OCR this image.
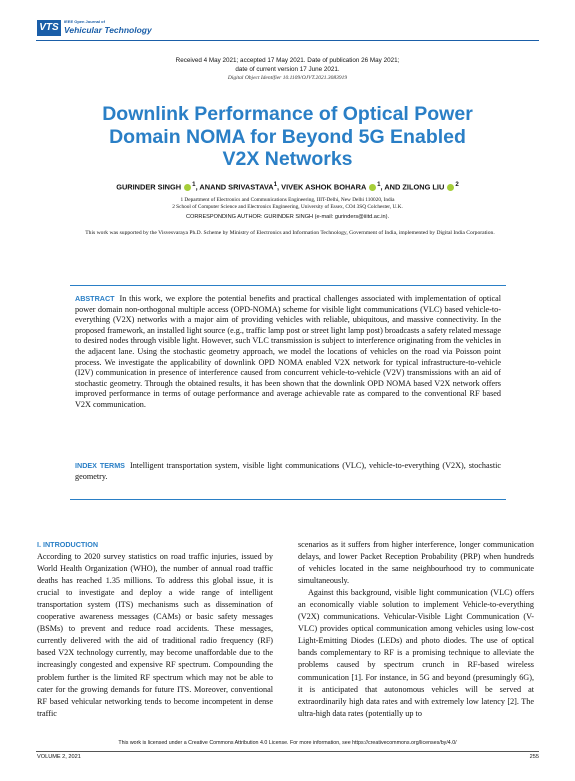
VTS
IEEE Open Journal of
Vehicular Technology
Received 4 May 2021; accepted 17 May 2021. Date of publication 26 May 2021;
date of current version 17 June 2021.
Digital Object Identifier 10.1109/OJVT.2021.3083919
Downlink Performance of Optical Power
Domain NOMA for Beyond 5G Enabled
V2X Networks
GURINDER SINGH $^1$, ANAND SRIVASTAVA$^1$, VIVEK ASHOK BOHARA $^1$, AND ZILONG LIU $^2$
1 Department of Electronics and Communications Engineering, IIIT-Delhi, New Delhi 110020, India
2 School of Computer Science and Electronics Engineering, University of Essex, CO4 3SQ Colchester, U.K.
CORRESPONDING AUTHOR: GURINDER SINGH (e-mail: gurinders@iiitd.ac.in).
This work was supported by the Visvesvaraya Ph.D. Scheme by Ministry of Electronics and Information Technology, Government of India, implemented by Digital India Corporation.
ABSTRACT In this work, we explore the potential benefits and practical challenges associated with implementation of optical power domain non-orthogonal multiple access (OPD-NOMA) scheme for visible light communications (VLC) based vehicle-to-everything (V2X) networks with a major aim of providing vehicles with reliable, ubiquitous, and massive connectivity. In the proposed framework, an installed light source (e.g., traffic lamp post or street light lamp post) broadcasts a safety related message to desired nodes through visible light. However, such VLC transmission is subject to interference originating from the vehicles in the adjacent lane. Using the stochastic geometry approach, we model the locations of vehicles on the road via Poisson point process. We investigate the applicability of downlink OPD NOMA enabled V2X network for typical infrastructure-to-vehicle (I2V) communication in presence of interference caused from concurrent vehicle-to-vehicle (V2V) transmissions with an aid of stochastic geometry. Through the obtained results, it has been shown that the downlink OPD NOMA based V2X network offers improved performance in terms of outage performance and average achievable rate as compared to the conventional RF based V2X communication.
INDEX TERMS Intelligent transportation system, visible light communications (VLC), vehicle-to-everything (V2X), stochastic geometry.
I. INTRODUCTION

According to 2020 survey statistics on road traffic injuries, issued by World Health Organization (WHO), the number of annual road traffic deaths has reached 1.35 millions. To address this global issue, it is crucial to investigate and deploy a wide range of intelligent transportation system (ITS) mechanisms such as dissemination of cooperative awareness messages (CAMs) or basic safety messages (BSMs) to prevent and reduce road accidents. These messages, currently delivered with the aid of traditional radio frequency (RF) based V2X technology currently, may become unaffordable due to the increasingly congested and expensive RF spectrum. Compounding the problem further is the limited RF spectrum which may not be able to cater for the growing demands for future ITS. Moreover, conventional RF based vehicular networking tends to become incompetent in dense traffic

scenarios as it suffers from higher interference, longer communication delays, and lower Packet Reception Probability (PRP) when hundreds of vehicles located in the same neighbourhood try to communicate simultaneously.

Against this background, visible light communication (VLC) offers an economically viable solution to implement Vehicle-to-everything (V2X) communications. Vehicular-Visible Light Communication (V-VLC) provides optical communication among vehicles using low-cost Light-Emitting Diodes (LEDs) and photo diodes. The use of optical bands complementary to RF is a promising technique to alleviate the problems caused by spectrum crunch in RF-based wireless communication [1]. For instance, in 5G and beyond (presumingly 6G), it is anticipated that autonomous vehicles will be served at extraordinarily high data rates and with extremely low latency [2]. The ultra-high data rates (potentially up to

This work is licensed under a Creative Commons Attribution 4.0 License. For more information, see https://creativecommons.org/licenses/by/4.0/
VOLUME 2, 2021	255
